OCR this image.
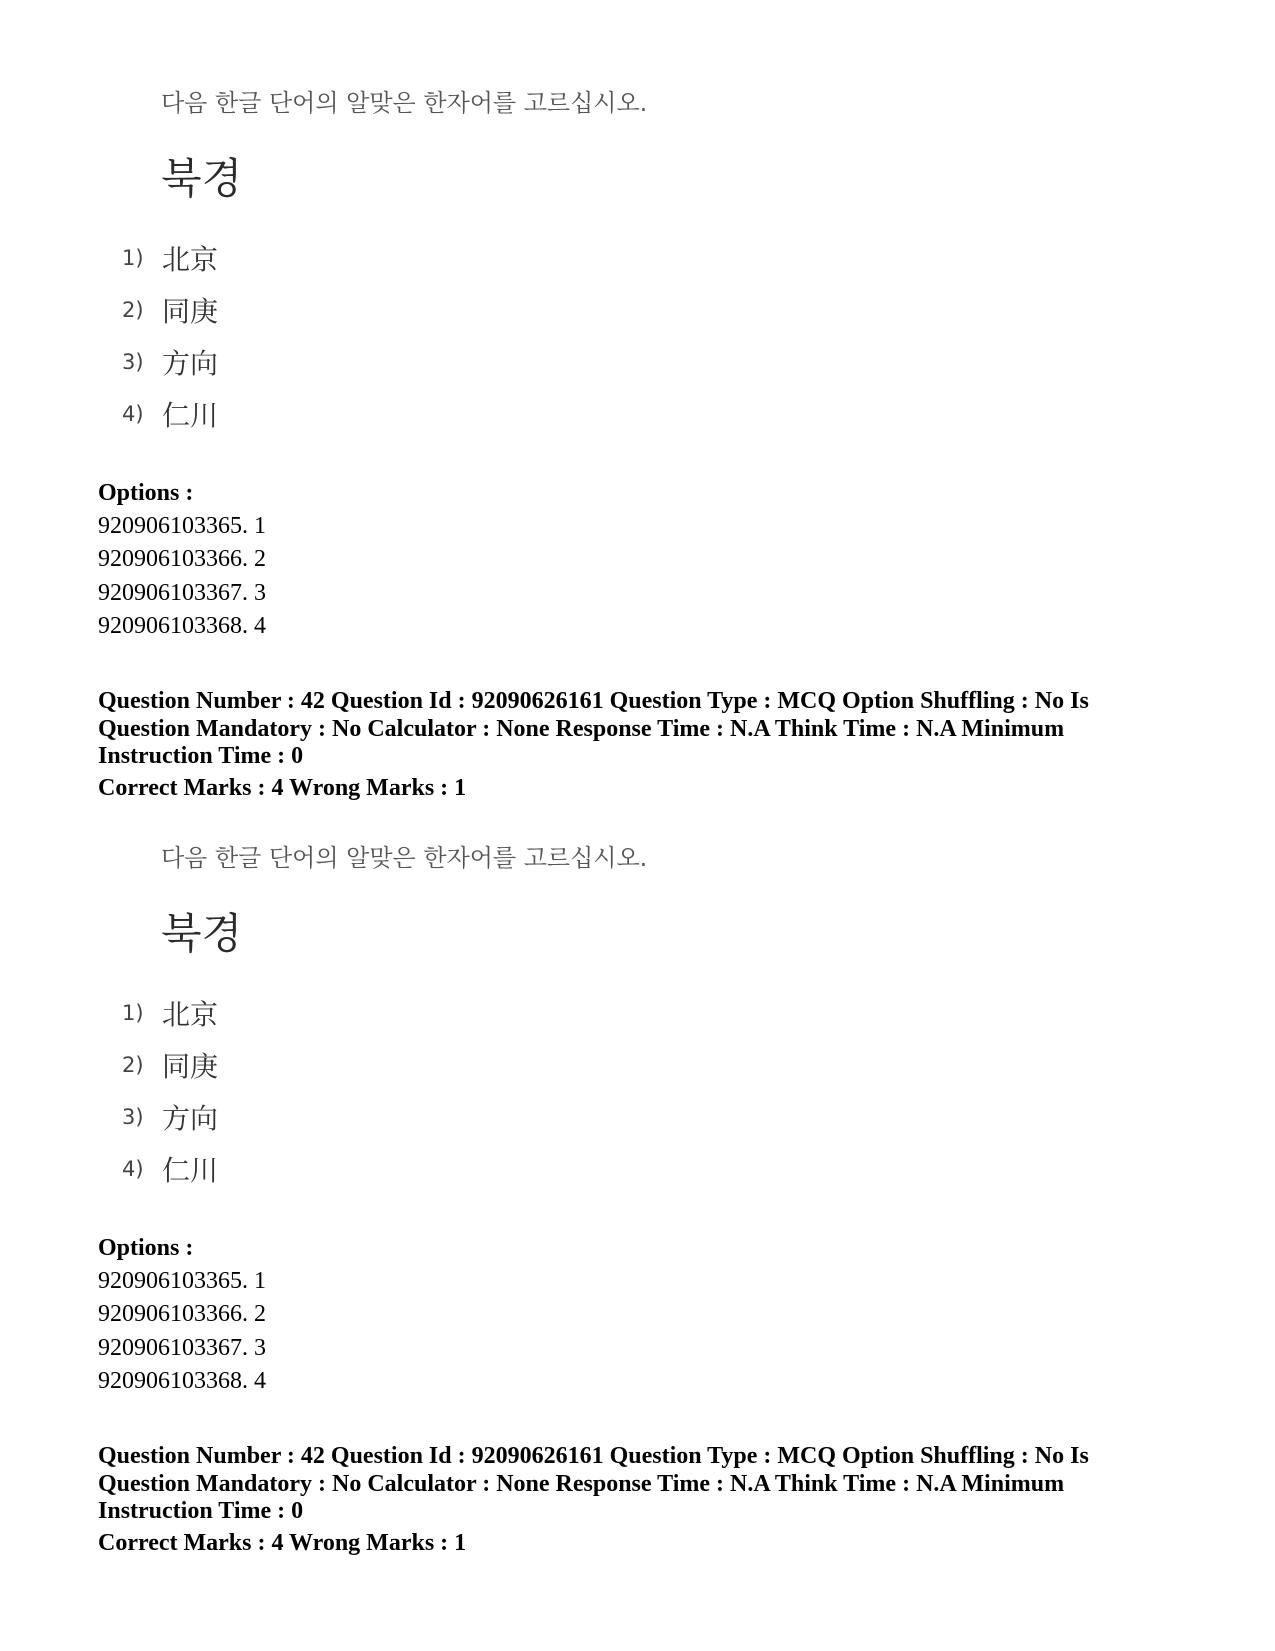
다음 한글 단어의 알맞은 한자어를 고르십시오.
북경
1) 北京
2) 同庚
3) 方向
4) 仁川
Options :
920906103365. 1
920906103366. 2
920906103367. 3
920906103368. 4
Question Number : 42 Question Id : 92090626161 Question Type : MCQ Option Shuffling : No Is Question Mandatory : No Calculator : None Response Time : N.A Think Time : N.A Minimum Instruction Time : 0
Correct Marks : 4 Wrong Marks : 1
다음 한글 단어의 알맞은 한자어를 고르십시오.
북경
1) 北京
2) 同庚
3) 方向
4) 仁川
Options :
920906103365. 1
920906103366. 2
920906103367. 3
920906103368. 4
Question Number : 42 Question Id : 92090626161 Question Type : MCQ Option Shuffling : No Is Question Mandatory : No Calculator : None Response Time : N.A Think Time : N.A Minimum Instruction Time : 0
Correct Marks : 4 Wrong Marks : 1
